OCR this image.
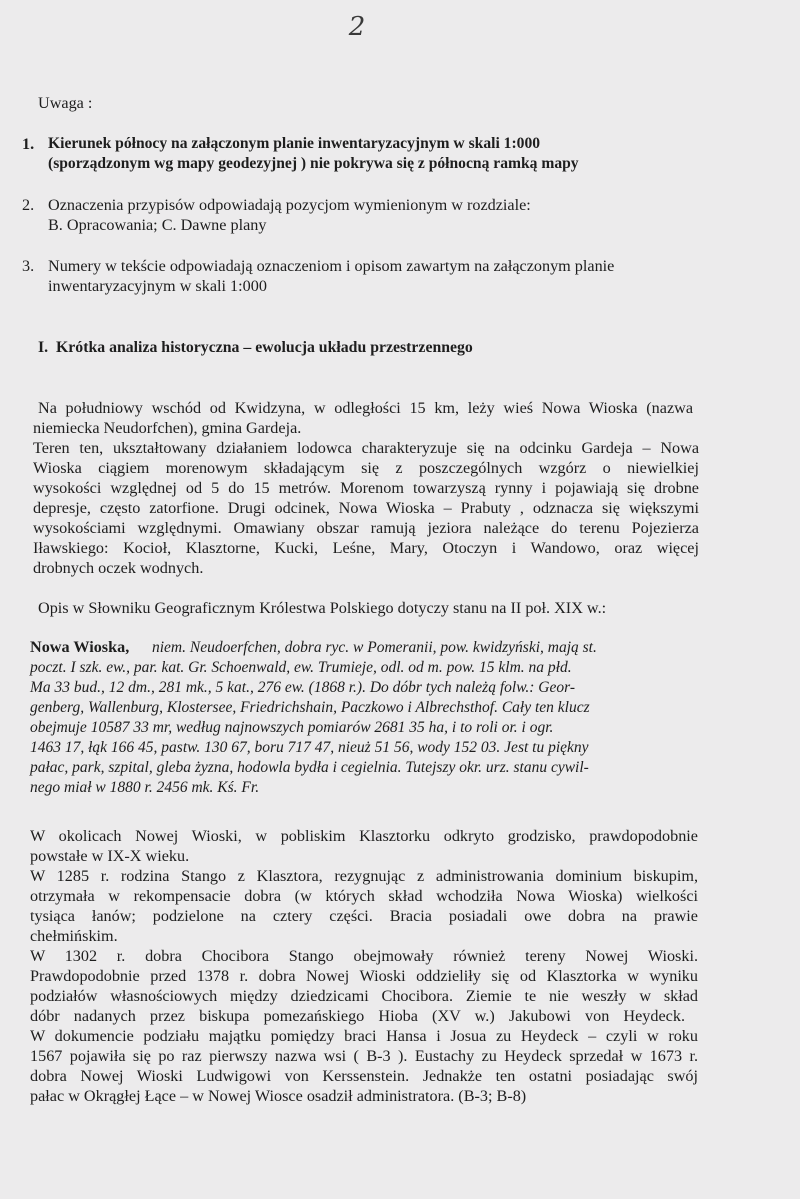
2
Uwaga :
1. Kierunek północy na załączonym planie inwentaryzacyjnym w skali 1:000
(sporządzonym wg mapy geodezyjnej ) nie pokrywa się z północną ramką mapy
2. Oznaczenia przypisów odpowiadają pozycjom wymienionym w rozdziale:
B. Opracowania; C. Dawne plany
3. Numery w tekście odpowiadają oznaczeniom i opisom zawartym na załączonym planie
inwentaryzacyjnym w skali 1:000
I.  Krótka analiza historyczna – ewolucja układu przestrzennego
Na południowy wschód od Kwidzyna, w odległości 15 km, leży wieś Nowa Wioska (nazwa
niemiecka Neudorfchen), gmina Gardeja.
Teren ten, ukształtowany działaniem lodowca charakteryzuje się na odcinku Gardeja – Nowa
Wioska ciągiem morenowym składającym się z poszczególnych wzgórz o niewielkiej
wysokości względnej od 5 do 15 metrów. Morenom towarzyszą rynny i pojawiają się drobne
depresje, często zatorfione. Drugi odcinek, Nowa Wioska – Prabuty , odznacza się większymi
wysokościami względnymi. Omawiany obszar ramują jeziora należące do terenu Pojezierza
Iławskiego: Kocioł, Klasztorne, Kucki, Leśne, Mary, Otoczyn i Wandowo, oraz więcej
drobnych oczek wodnych.
Opis w Słowniku Geograficznym Królestwa Polskiego dotyczy stanu na II poł. XIX w.:
Nowa Wioska, niem. Neudoerfchen, dobra ryc. w Pomeranii, pow. kwidzyński, mają st.
poczt. I szk. ew., par. kat. Gr. Schoenwald, ew. Trumieje, odl. od m. pow. 15 klm. na płd.
Ma 33 bud., 12 dm., 281 mk., 5 kat., 276 ew. (1868 r.). Do dóbr tych należą folw.: Geor-
genberg, Wallenburg, Klostersee, Friedrichshain, Paczkowo i Albrechsthof. Cały ten klucz
obejmuje 10587 33 mr, według najnowszych pomiarów 2681 35 ha, i to roli or. i ogr.
1463 17, łąk 166 45, pastw. 130 67, boru 717 47, nieuż 51 56, wody 152 03. Jest tu piękny
pałac, park, szpital, gleba żyzna, hodowla bydła i cegielnia. Tutejszy okr. urz. stanu cywil-
nego miał w 1880 r. 2456 mk. Kś. Fr.
W okolicach Nowej Wioski, w pobliskim Klasztorku odkryto grodzisko, prawdopodobnie
powstałe w IX-X wieku.
W 1285 r. rodzina Stango z Klasztora, rezygnując z administrowania dominium biskupim,
otrzymała w rekompensacie dobra (w których skład wchodziła Nowa Wioska) wielkości
tysiąca łanów; podzielone na cztery części. Bracia posiadali owe dobra na prawie
chełmińskim.
W 1302 r. dobra Chocibora Stango obejmowały również tereny Nowej Wioski.
Prawdopodobnie przed 1378 r. dobra Nowej Wioski oddzieliły się od Klasztorka w wyniku
podziałów własnościowych między dziedzicami Chocibora. Ziemie te nie weszły w skład
dóbr nadanych przez biskupa pomezańskiego Hioba (XV w.) Jakubowi von Heydeck.
W dokumencie podziału majątku pomiędzy braci Hansa i Josua zu Heydeck – czyli w roku
1567 pojawiła się po raz pierwszy nazwa wsi ( B-3 ). Eustachy zu Heydeck sprzedał w 1673 r.
dobra Nowej Wioski Ludwigowi von Kerssenstein. Jednakże ten ostatni posiadając swój
pałac w Okrągłej Łące – w Nowej Wiosce osadził administratora. (B-3; B-8)
